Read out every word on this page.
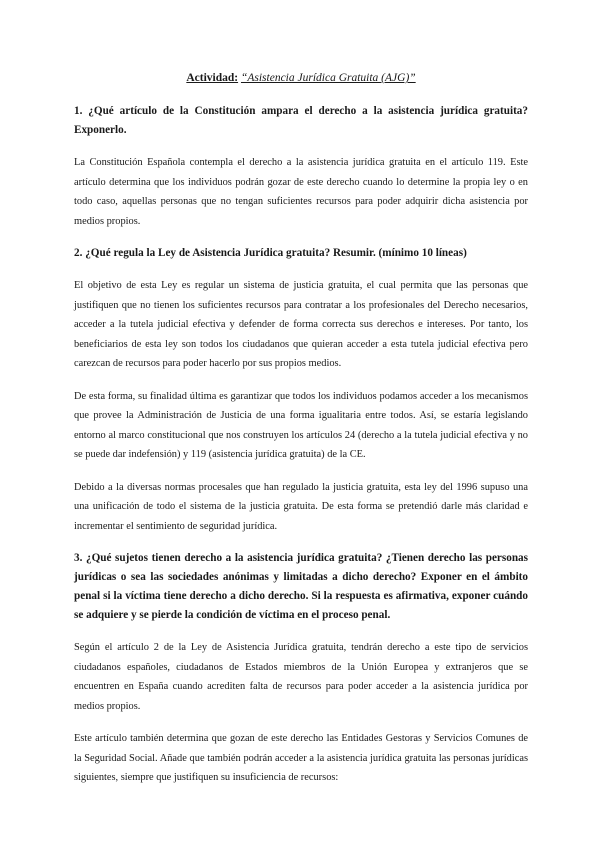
Actividad: “Asistencia Jurídica Gratuita (AJG)”
1. ¿Qué artículo de la Constitución ampara el derecho a la asistencia jurídica gratuita? Exponerlo.
La Constitución Española contempla el derecho a la asistencia jurídica gratuita en el artículo 119. Este artículo determina que los individuos podrán gozar de este derecho cuando lo determine la propia ley o en todo caso, aquellas personas que no tengan suficientes recursos para poder adquirir dicha asistencia por medios propios.
2. ¿Qué regula la Ley de Asistencia Jurídica gratuita? Resumir. (mínimo 10 líneas)
El objetivo de esta Ley es regular un sistema de justicia gratuita, el cual permita que las personas que justifiquen que no tienen los suficientes recursos para contratar a los profesionales del Derecho necesarios, acceder a la tutela judicial efectiva y defender de forma correcta sus derechos e intereses. Por tanto, los beneficiarios de esta ley son todos los ciudadanos que quieran acceder a esta tutela judicial efectiva pero carezcan de recursos para poder hacerlo por sus propios medios.
De esta forma, su finalidad última es garantizar que todos los individuos podamos acceder a los mecanismos que provee la Administración de Justicia de una forma igualitaria entre todos. Así, se estaría legislando entorno al marco constitucional que nos construyen los artículos 24 (derecho a la tutela judicial efectiva y no se puede dar indefensión) y 119 (asistencia jurídica gratuita) de la CE.
Debido a la diversas normas procesales que han regulado la justicia gratuita, esta ley del 1996 supuso una una unificación de todo el sistema de la justicia gratuita. De esta forma se pretendió darle más claridad e incrementar el sentimiento de seguridad jurídica.
3. ¿Qué sujetos tienen derecho a la asistencia jurídica gratuita? ¿Tienen derecho las personas jurídicas o sea las sociedades anónimas y limitadas a dicho derecho? Exponer en el ámbito penal si la víctima tiene derecho a dicho derecho. Si la respuesta es afirmativa, exponer cuándo se adquiere y se pierde la condición de víctima en el proceso penal.
Según el artículo 2 de la Ley de Asistencia Jurídica gratuita, tendrán derecho a este tipo de servicios ciudadanos españoles, ciudadanos de Estados miembros de la Unión Europea y extranjeros que se encuentren en España cuando acrediten falta de recursos para poder acceder a la asistencia jurídica por medios propios.
Este artículo también determina que gozan de este derecho las Entidades Gestoras y Servicios Comunes de la Seguridad Social. Añade que también podrán acceder a la asistencia jurídica gratuita las personas jurídicas siguientes, siempre que justifiquen su insuficiencia de recursos:
